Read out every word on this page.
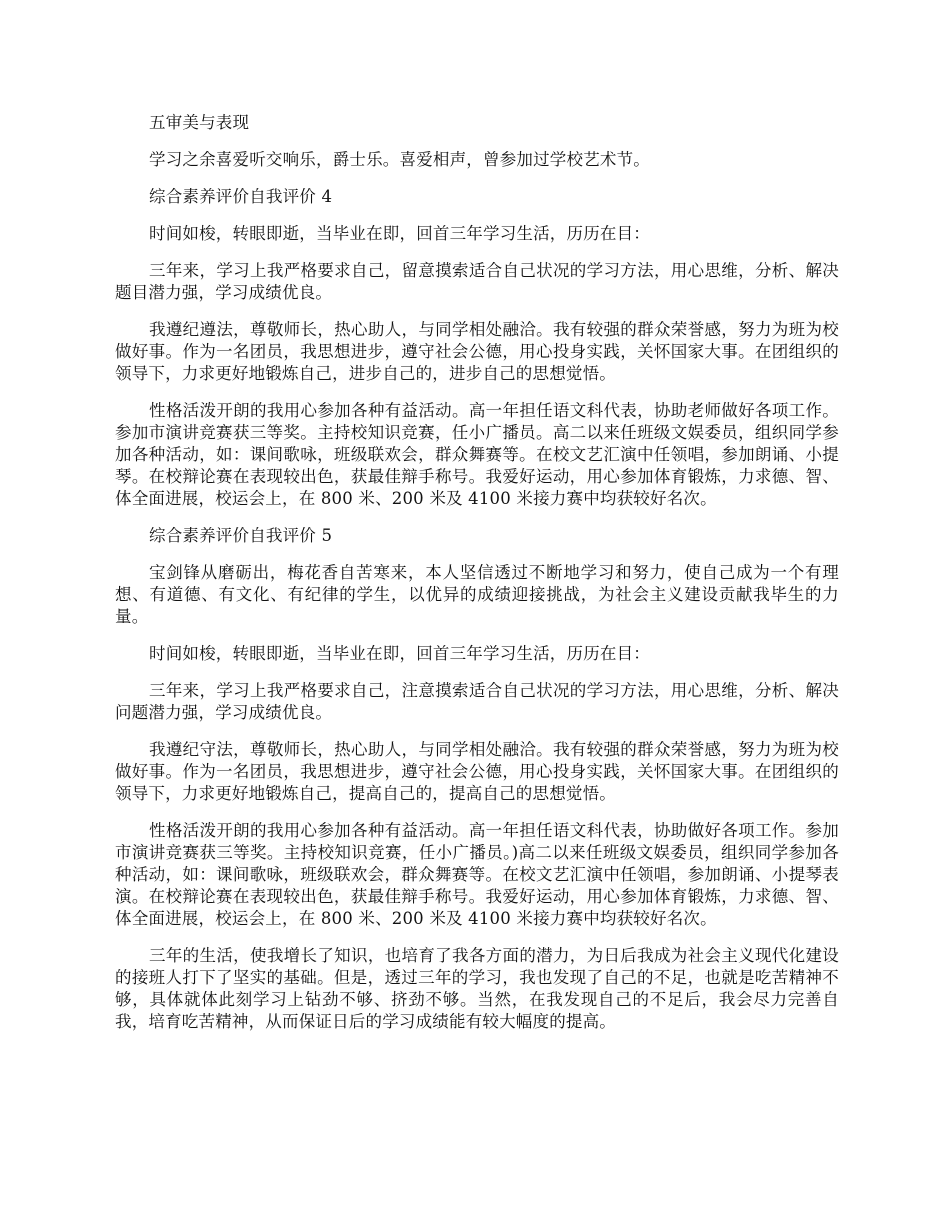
五审美与表现

学习之余喜爱听交响乐，爵士乐。喜爱相声，曾参加过学校艺术节。

综合素养评价自我评价 4

时间如梭，转眼即逝，当毕业在即，回首三年学习生活，历历在目：

三年来，学习上我严格要求自己，留意摸索适合自己状况的学习方法，用心思维，分析、解决题目潜力强，学习成绩优良。

我遵纪遵法，尊敬师长，热心助人，与同学相处融洽。我有较强的群众荣誉感，努力为班为校做好事。作为一名团员，我思想进步，遵守社会公德，用心投身实践，关怀国家大事。在团组织的领导下，力求更好地锻炼自己，进步自己的，进步自己的思想觉悟。

性格活泼开朗的我用心参加各种有益活动。高一年担任语文科代表，协助老师做好各项工作。参加市演讲竞赛获三等奖。主持校知识竞赛，任小广播员。高二以来任班级文娱委员，组织同学参加各种活动，如：课间歌咏，班级联欢会，群众舞赛等。在校文艺汇演中任领唱，参加朗诵、小提琴。在校辩论赛在表现较出色，获最佳辩手称号。我爱好运动，用心参加体育锻炼，力求德、智、体全面进展，校运会上，在 800 米、200 米及 4100 米接力赛中均获较好名次。

综合素养评价自我评价 5

宝剑锋从磨砺出，梅花香自苦寒来，本人坚信透过不断地学习和努力，使自己成为一个有理想、有道德、有文化、有纪律的学生，以优异的成绩迎接挑战，为社会主义建设贡献我毕生的力量。

时间如梭，转眼即逝，当毕业在即，回首三年学习生活，历历在目：

三年来，学习上我严格要求自己，注意摸索适合自己状况的学习方法，用心思维，分析、解决问题潜力强，学习成绩优良。

我遵纪守法，尊敬师长，热心助人，与同学相处融洽。我有较强的群众荣誉感，努力为班为校做好事。作为一名团员，我思想进步，遵守社会公德，用心投身实践，关怀国家大事。在团组织的领导下，力求更好地锻炼自己，提高自己的，提高自己的思想觉悟。

性格活泼开朗的我用心参加各种有益活动。高一年担任语文科代表，协助做好各项工作。参加市演讲竞赛获三等奖。主持校知识竞赛，任小广播员。)高二以来任班级文娱委员，组织同学参加各种活动，如：课间歌咏，班级联欢会，群众舞赛等。在校文艺汇演中任领唱，参加朗诵、小提琴表演。在校辩论赛在表现较出色，获最佳辩手称号。我爱好运动，用心参加体育锻炼，力求德、智、体全面进展，校运会上，在 800 米、200 米及 4100 米接力赛中均获较好名次。

三年的生活，使我增长了知识，也培育了我各方面的潜力，为日后我成为社会主义现代化建设的接班人打下了坚实的基础。但是，透过三年的学习，我也发现了自己的不足，也就是吃苦精神不够，具体就体此刻学习上钻劲不够、挤劲不够。当然，在我发现自己的不足后，我会尽力完善自我，培育吃苦精神，从而保证日后的学习成绩能有较大幅度的提高。
